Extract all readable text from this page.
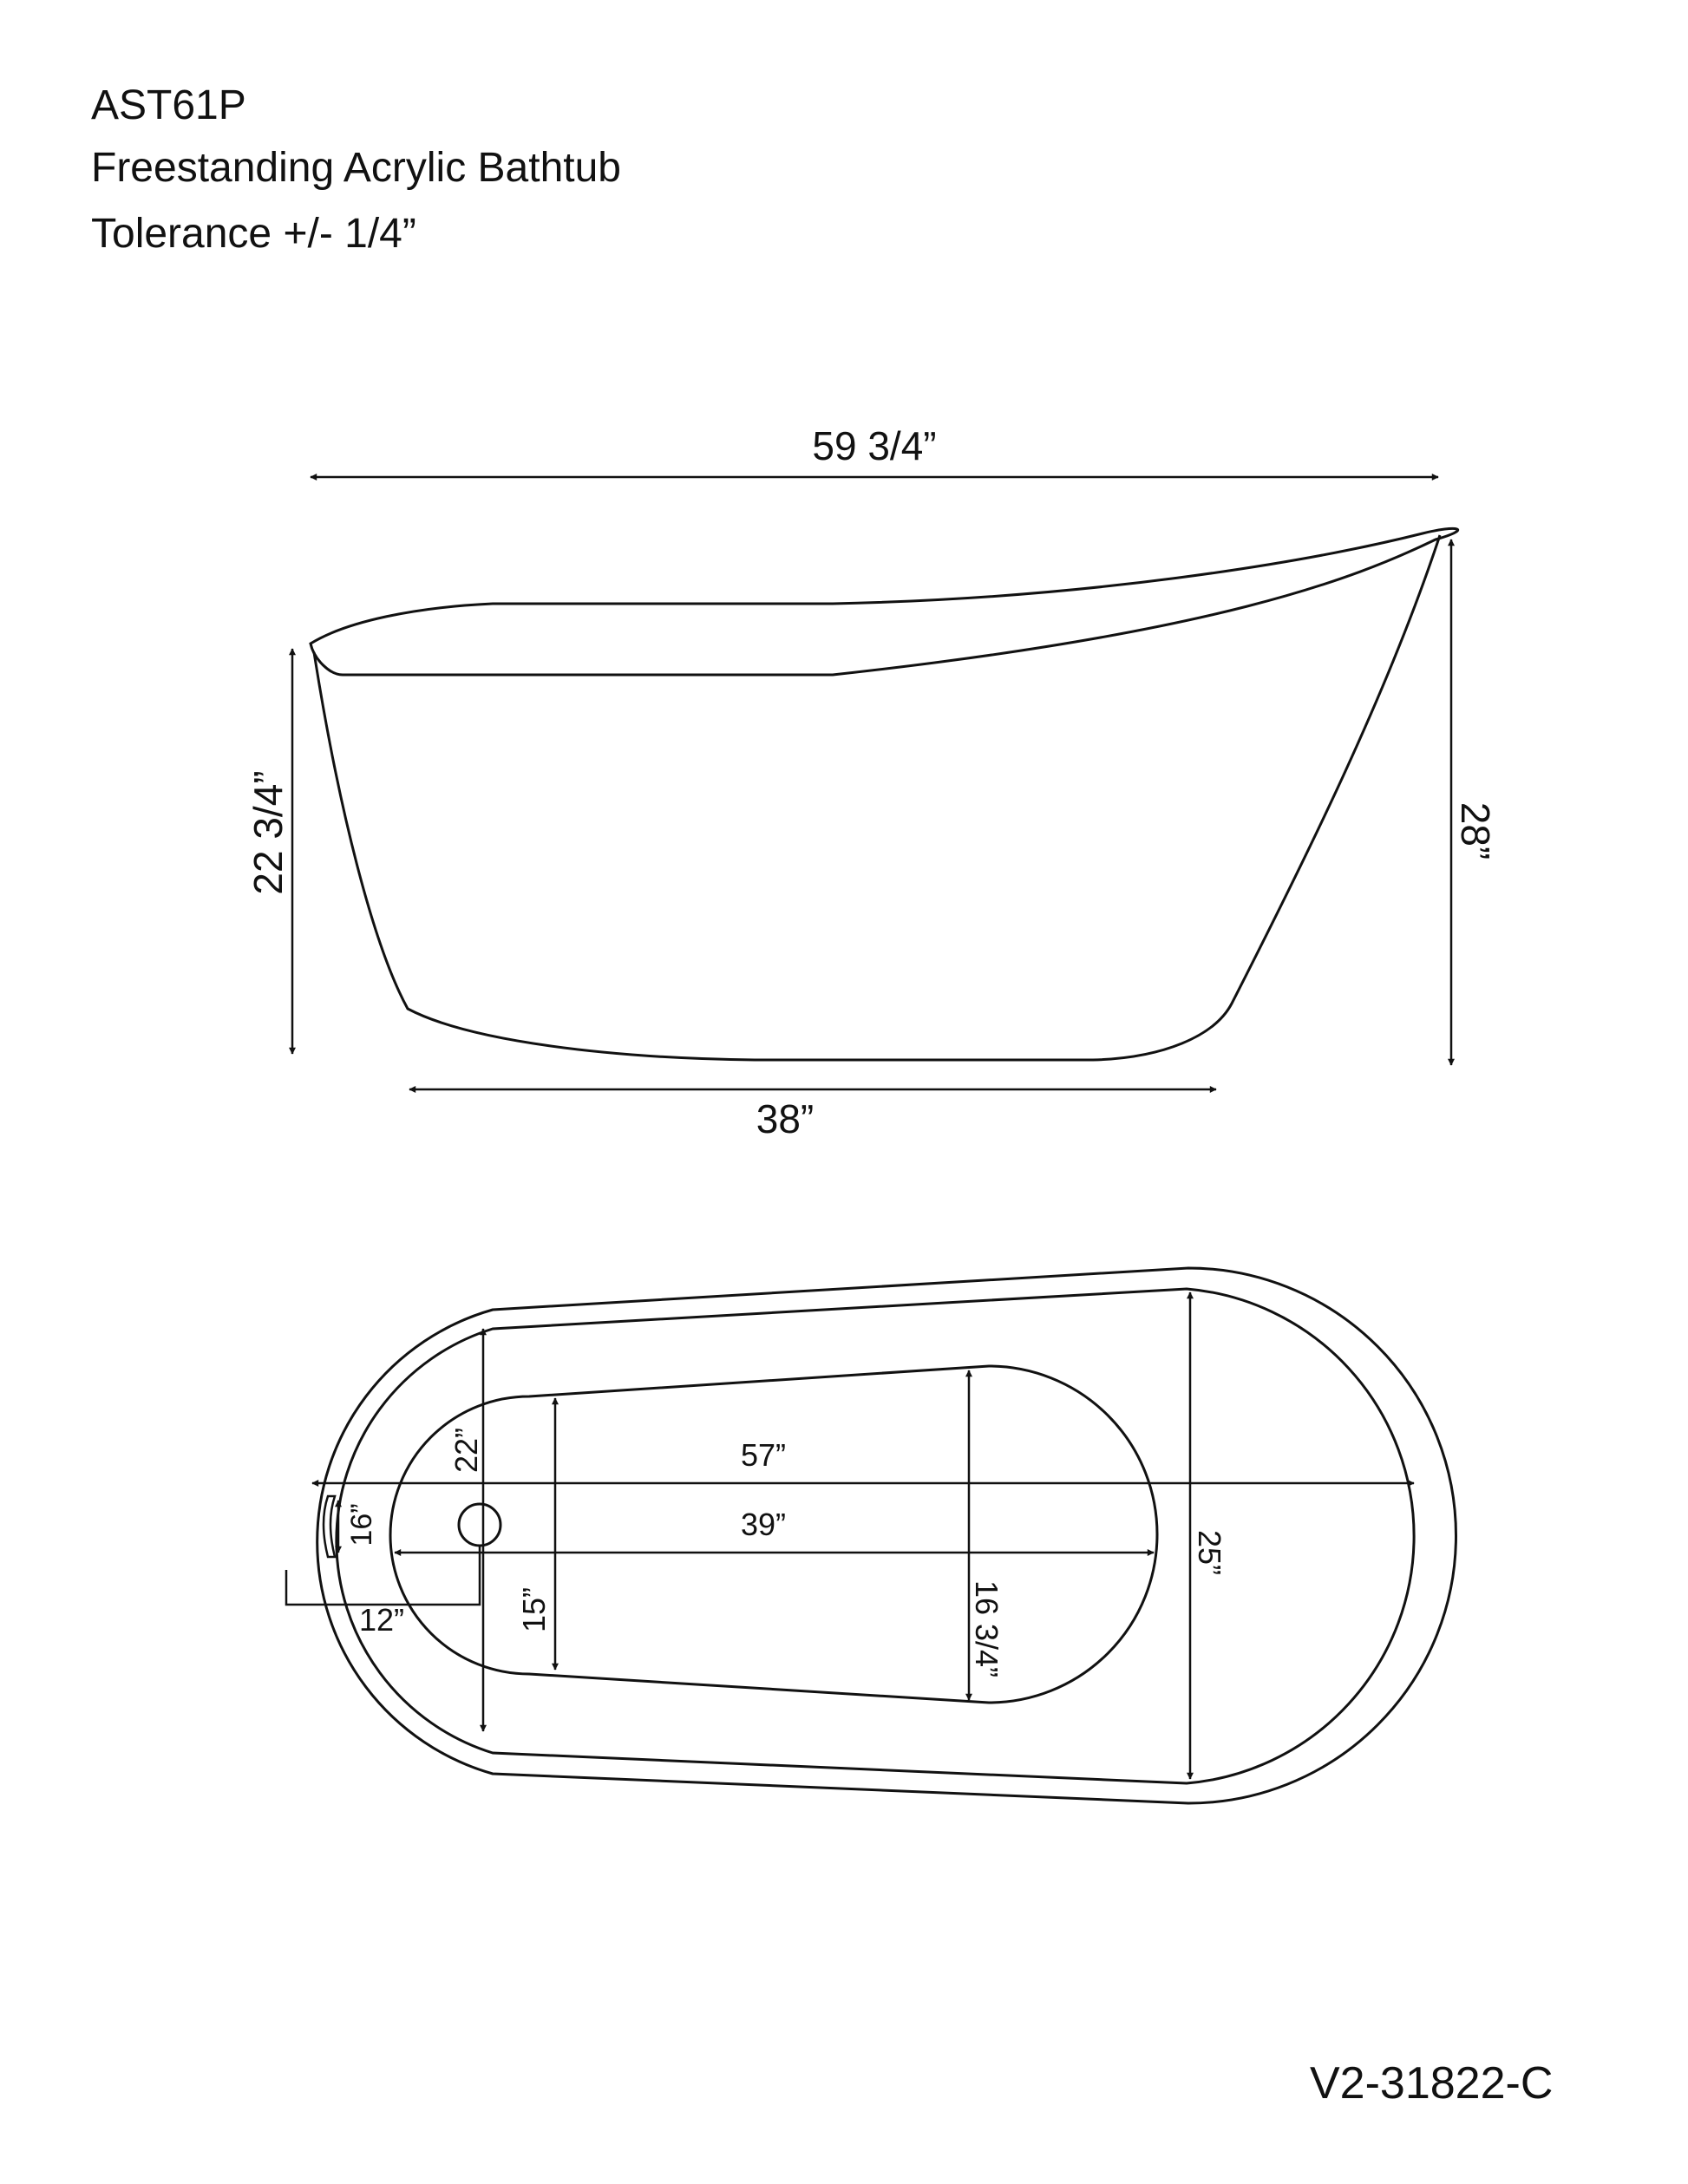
AST61P
Freestanding Acrylic Bathtub
Tolerance +/- 1/4”
59 3/4”
22 3/4”	28”
38”
57”
39”
22”
15”	16 3/4”
25”
16”
12”
V2-31822-C
